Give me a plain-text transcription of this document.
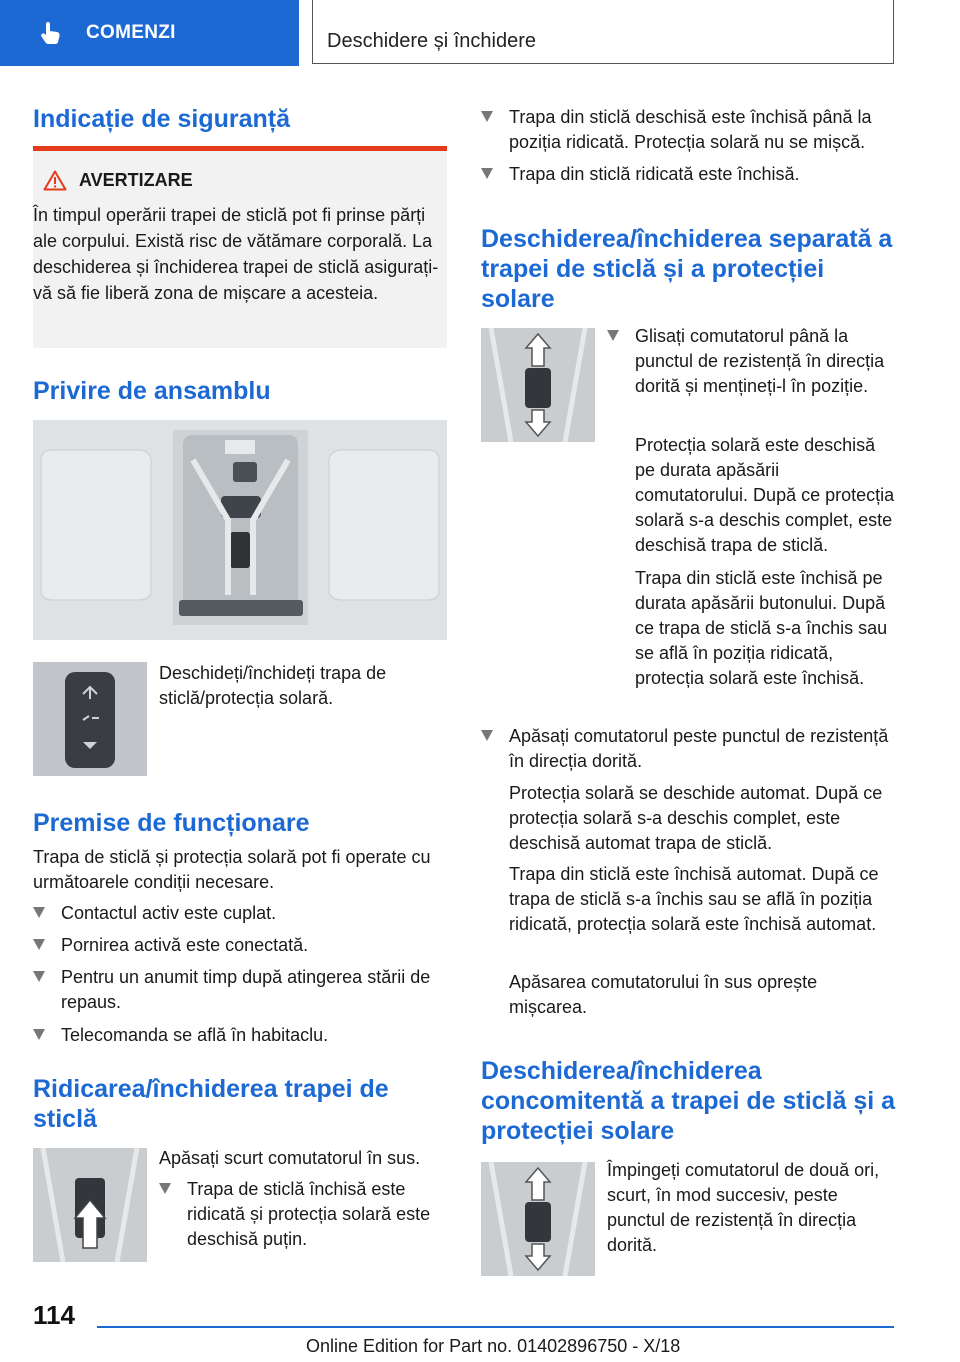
COMENZI	Deschidere și închidere
Indicație de siguranță
AVERTIZARE
În timpul operării trapei de sticlă pot fi prinse părți ale corpului. Există risc de vătămare corporală. La deschiderea și închiderea trapei de sticlă asigurați-vă să fie liberă zona de mișcare a acesteia.
Privire de ansamblu

Deschideți/închideți trapa de sticlă/protecția solară.

Premise de funcționare

Trapa de sticlă și protecția solară pot fi operate cu următoarele condiții necesare.

Contactul activ este cuplat.
Pornirea activă este conectată.
Pentru un anumit timp după atingerea stării de repaus.
Telecomanda se află în habitaclu.
Ridicarea/închiderea trapei de sticlă

Apăsați scurt comutatorul în sus.

Trapa de sticlă închisă este ridicată și protecția solară este deschisă puțin.
Trapa din sticlă deschisă este închisă până la poziția ridicată. Protecția solară nu se mișcă.
Trapa din sticlă ridicată este închisă.
Deschiderea/închiderea separată a trapei de sticlă și a protecției solare
Glisați comutatorul până la punctul de rezistență în direcția dorită și mențineți-l în poziție.

Protecția solară este deschisă pe durata apăsării comutatorului. După ce protecția solară s-a deschis complet, este deschisă trapa de sticlă.

Trapa din sticlă este închisă pe durata apăsării butonului. După ce trapa de sticlă s-a închis sau se află în poziția ridicată, protecția solară este închisă.

Apăsați comutatorul peste punctul de rezistență în direcția dorită.

Protecția solară se deschide automat. După ce protecția solară s-a deschis complet, este deschisă automat trapa de sticlă.

Trapa din sticlă este închisă automat. După ce trapa de sticlă s-a închis sau se află în poziția ridicată, protecția solară este închisă automat.

Apăsarea comutatorului în sus oprește mișcarea.

Deschiderea/închiderea concomitentă a trapei de sticlă și a protecției solare

Împingeți comutatorul de două ori, scurt, în mod succesiv, peste punctul de rezistență în direcția dorită.

114
Online Edition for Part no. 01402896750 - X/18
